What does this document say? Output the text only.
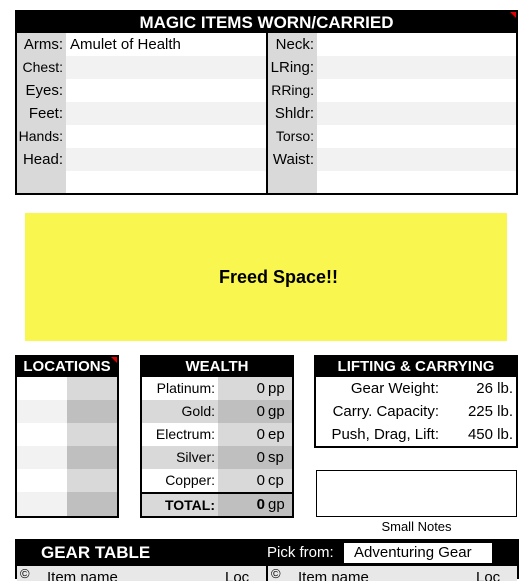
MAGIC ITEMS WORN/CARRIED
Arms: Amulet of Health
Chest:
Eyes:
Feet:
Hands:
Head:
Neck:
LRing:
RRing:
Shldr:
Torso:
Waist:
Freed Space!!
LOCATIONS	WEALTH
Platinum:	0 pp
Gold:	0 gp
Electrum:	0 ep
Silver:	0 sp
Copper:	0 cp
TOTAL:	0 gp
LIFTING & CARRYING
Gear Weight:	26 lb.
Carry. Capacity:	225 lb.
Push, Drag, Lift:	450 lb.
Small Notes
GEAR TABLE	Pick from:	Adventuring Gear
© Item name	Loc © Item name	Loc
